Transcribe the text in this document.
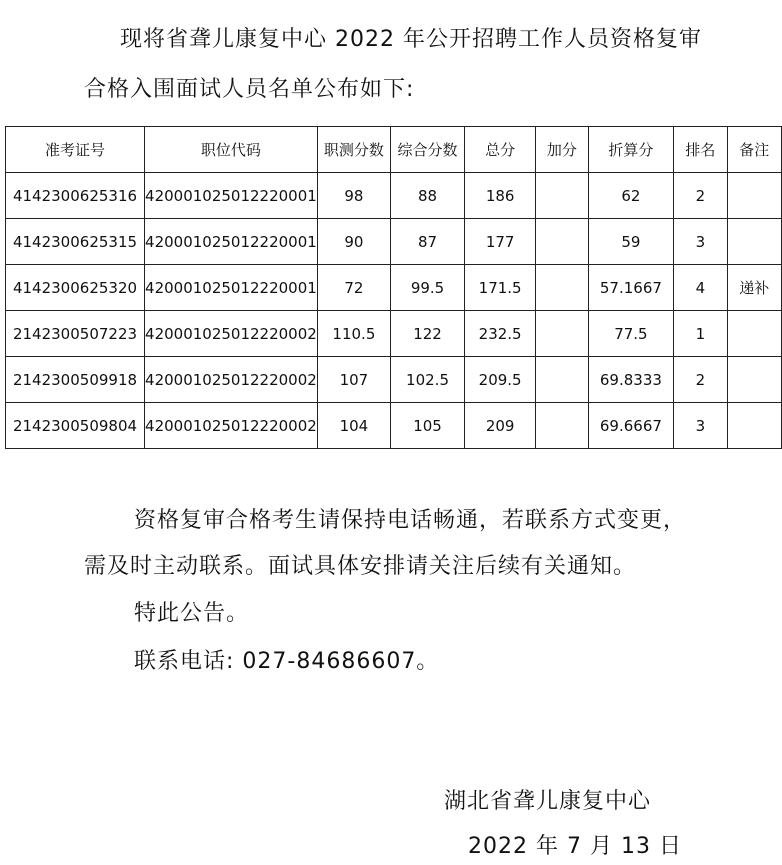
现将省聋儿康复中心 2022 年公开招聘工作人员资格复审

合格入围面试人员名单公布如下:

准考证号	职位代码	职测分数	综合分数	总分	加分	折算分	排名	备注
4142300625316	420001025012220001	98	88	186		62	2	
4142300625315	420001025012220001	90	87	177		59	3	
4142300625320	420001025012220001	72	99.5	171.5		57.1667	4	递补
2142300507223	420001025012220002	110.5	122	232.5		77.5	1	
2142300509918	420001025012220002	107	102.5	209.5		69.8333	2	
2142300509804	420001025012220002	104	105	209		69.6667	3	

资格复审合格考生请保持电话畅通，若联系方式变更，

需及时主动联系。面试具体安排请关注后续有关通知。

特此公告。

联系电话: 027-84686607。

湖北省聋儿康复中心

2022 年 7 月 13 日
